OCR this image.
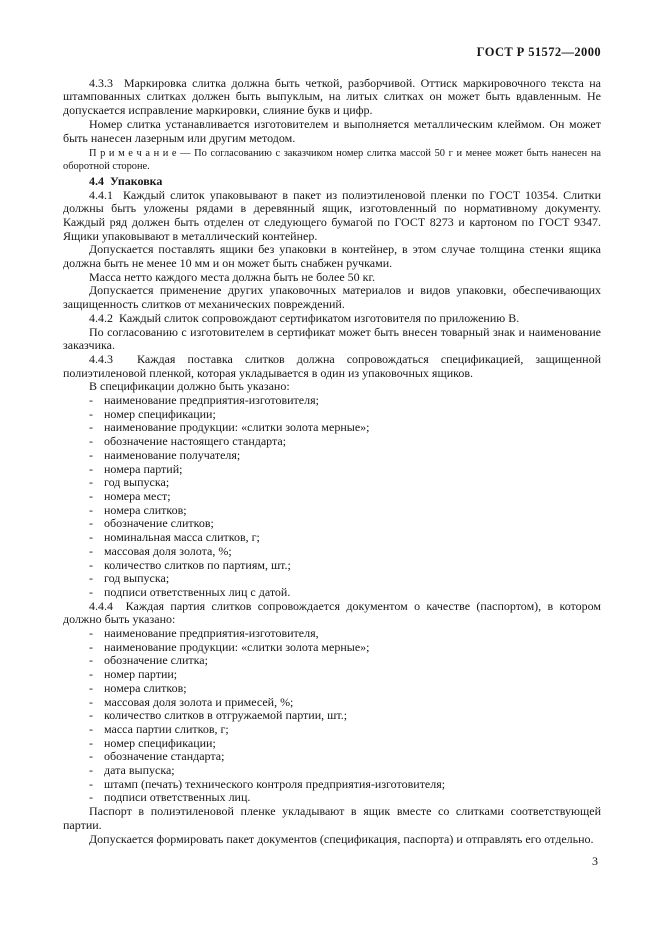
ГОСТ Р 51572—2000

4.3.3  Маркировка слитка должна быть четкой, разборчивой. Оттиск маркировочного текста на штампованных слитках должен быть выпуклым, на литых слитках он может быть вдавленным. Не допускается исправление маркировки, слияние букв и цифр.

Номер слитка устанавливается изготовителем и выполняется металлическим клеймом. Он может быть нанесен лазерным или другим методом.

П р и м е ч а н и е — По согласованию с заказчиком номер слитка массой 50 г и менее может быть нанесен на оборотной стороне.

4.4  Упаковка

4.4.1  Каждый слиток упаковывают в пакет из полиэтиленовой пленки по ГОСТ 10354. Слитки должны быть уложены рядами в деревянный ящик, изготовленный по нормативному документу. Каждый ряд должен быть отделен от следующего бумагой по ГОСТ 8273 и картоном по ГОСТ 9347. Ящики упаковывают в металлический контейнер.

Допускается поставлять ящики без упаковки в контейнер, в этом случае толщина стенки ящика должна быть не менее 10 мм и он может быть снабжен ручками.

Масса нетто каждого места должна быть не более 50 кг.

Допускается применение других упаковочных материалов и видов упаковки, обеспечивающих защищенность слитков от механических повреждений.

4.4.2  Каждый слиток сопровождают сертификатом изготовителя по приложению В.

По согласованию с изготовителем в сертификат может быть внесен товарный знак и наименование заказчика.

4.4.3  Каждая поставка слитков должна сопровождаться спецификацией, защищенной полиэтиленовой пленкой, которая укладывается в один из упаковочных ящиков.

В спецификации должно быть указано:

- наименование предприятия-изготовителя;

- номер спецификации;

- наименование продукции: «слитки золота мерные»;

- обозначение настоящего стандарта;

- наименование получателя;

- номера партий;

- год выпуска;

- номера мест;

- номера слитков;

- обозначение слитков;

- номинальная масса слитков, г;

- массовая доля золота, %;

- количество слитков по партиям, шт.;

- год выпуска;

- подписи ответственных лиц с датой.

4.4.4  Каждая партия слитков сопровождается документом о качестве (паспортом), в котором должно быть указано:

- наименование предприятия-изготовителя,

- наименование продукции: «слитки золота мерные»;

- обозначение слитка;

- номер партии;

- номера слитков;

- массовая доля золота и примесей, %;

- количество слитков в отгружаемой партии, шт.;

- масса партии слитков, г;

- номер спецификации;

- обозначение стандарта;

- дата выпуска;

- штамп (печать) технического контроля предприятия-изготовителя;

- подписи ответственных лиц.

Паспорт в полиэтиленовой пленке укладывают в ящик вместе со слитками соответствующей партии.

Допускается формировать пакет документов (спецификация, паспорта) и отправлять его отдельно.

3
